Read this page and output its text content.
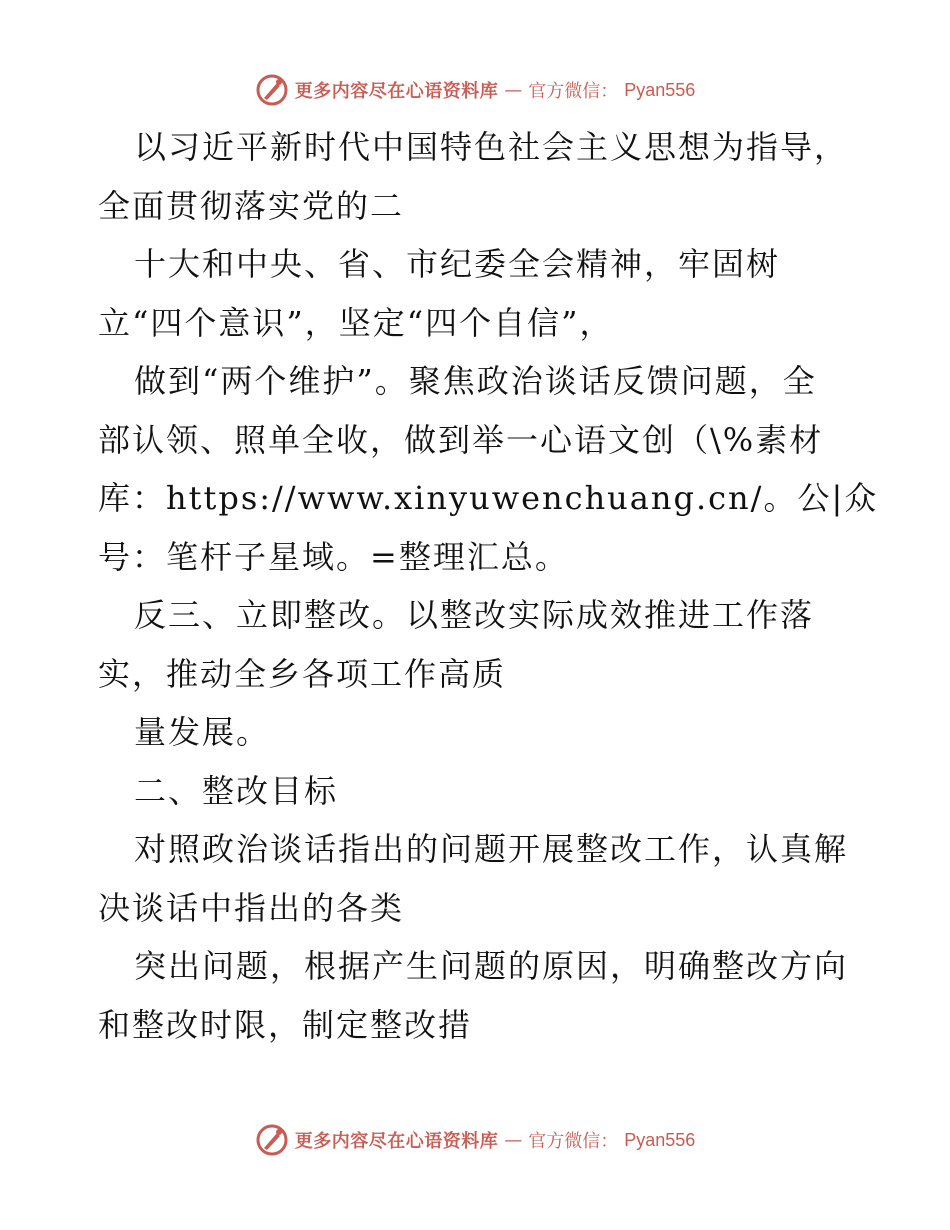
更多内容尽在心语资料库 — 官方微信： Pyan556
以习近平新时代中国特色社会主义思想为指导，
全面贯彻落实党的二
十大和中央、省、市纪委全会精神，牢固树
立“四个意识”，坚定“四个自信”，
做到“两个维护”。聚焦政治谈话反馈问题，全
部认领、照单全收，做到举一心语文创（\%素材
库：https://www.xinyuwenchuang.cn/。公|众
号：笔杆子星域。=整理汇总。
反三、立即整改。以整改实际成效推进工作落
实，推动全乡各项工作高质
量发展。
二、整改目标
对照政治谈话指出的问题开展整改工作，认真解
决谈话中指出的各类
突出问题，根据产生问题的原因，明确整改方向
和整改时限，制定整改措
更多内容尽在心语资料库 — 官方微信： Pyan556
